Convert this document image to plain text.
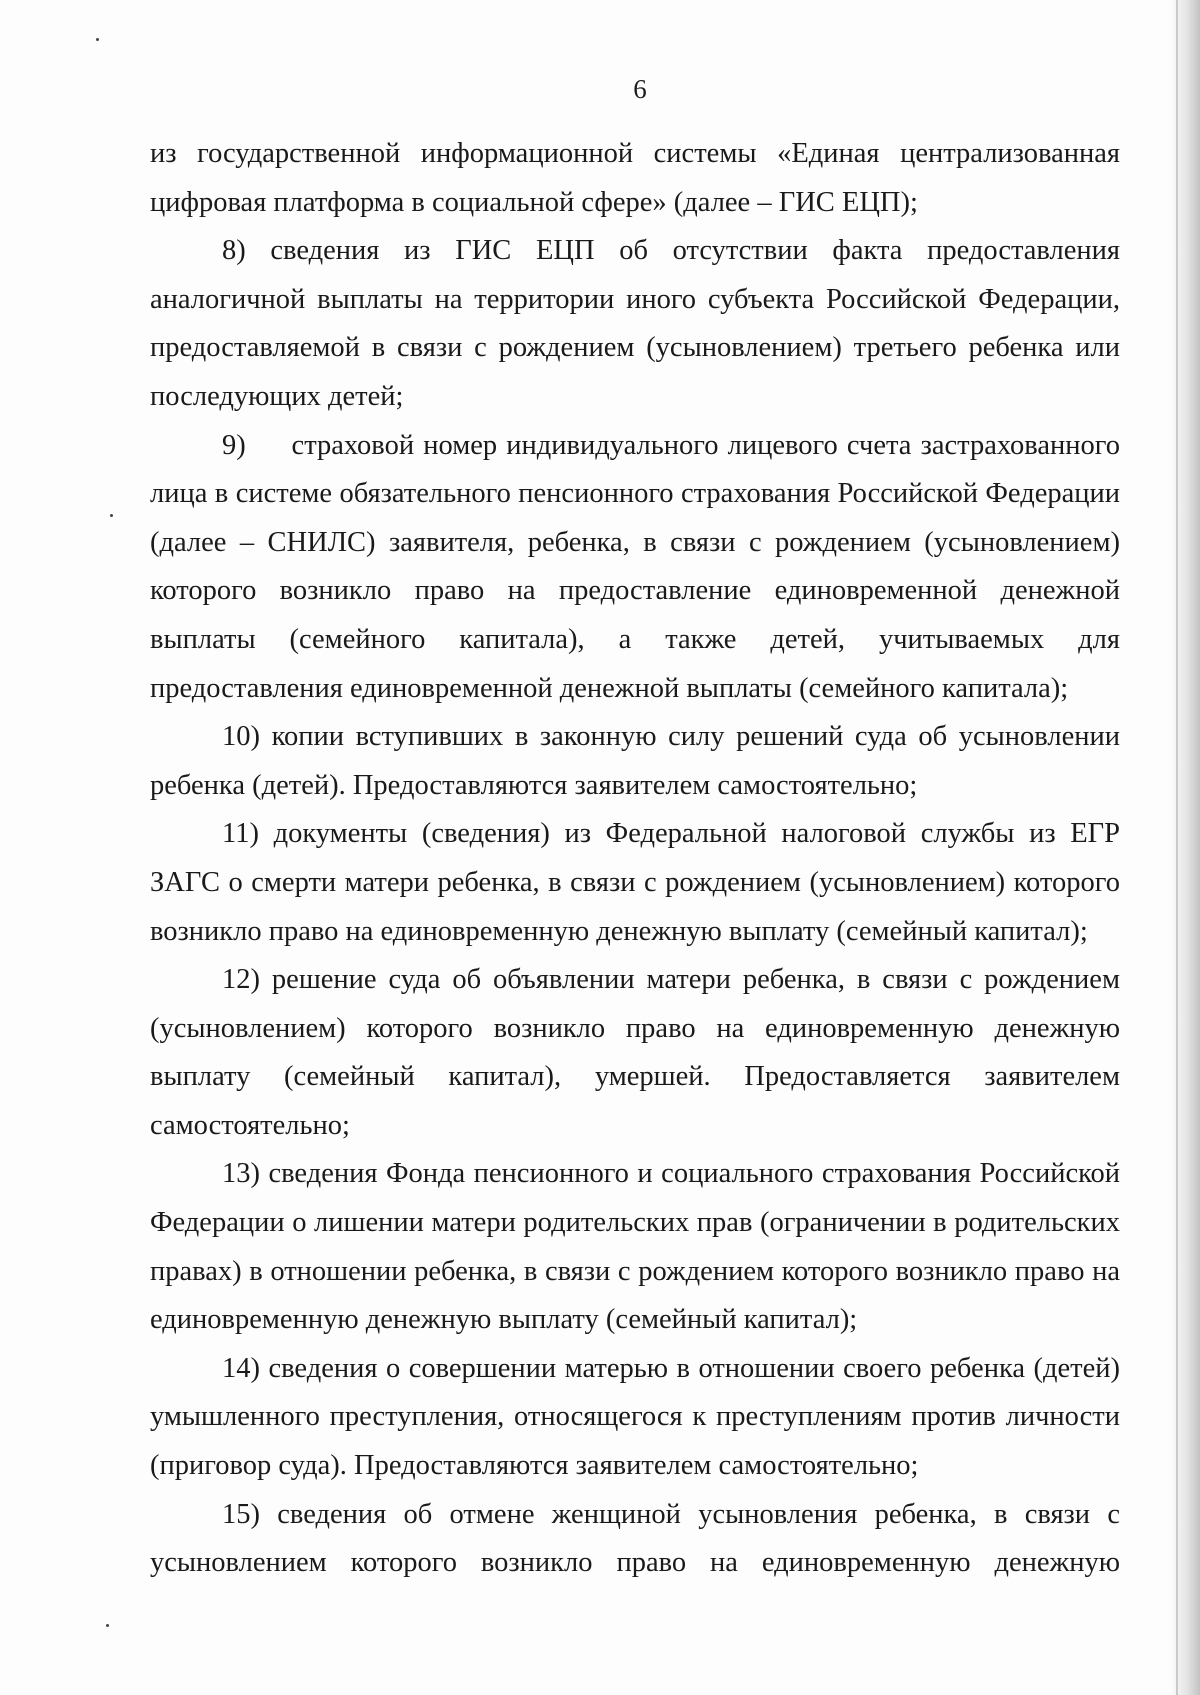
6

из государственной информационной системы «Единая централизованная цифровая платформа в социальной сфере» (далее – ГИС ЕЦП);

8) сведения из ГИС ЕЦП об отсутствии факта предоставления аналогичной выплаты на территории иного субъекта Российской Федерации, предоставляемой в связи с рождением (усыновлением) третьего ребенка или последующих детей;

9)     страховой номер индивидуального лицевого счета застрахованного лица в системе обязательного пенсионного страхования Российской Федерации (далее – СНИЛС) заявителя, ребенка, в связи с рождением (усыновлением) которого возникло право на предоставление единовременной денежной выплаты (семейного капитала), а также детей, учитываемых для предоставления единовременной денежной выплаты (семейного капитала);

10) копии вступивших в законную силу решений суда об усыновлении ребенка (детей). Предоставляются заявителем самостоятельно;

11) документы (сведения) из Федеральной налоговой службы из ЕГР ЗАГС о смерти матери ребенка, в связи с рождением (усыновлением) которого возникло право на единовременную денежную выплату (семейный капитал);

12) решение суда об объявлении матери ребенка, в связи с рождением (усыновлением) которого возникло право на единовременную денежную выплату (семейный капитал), умершей. Предоставляется заявителем самостоятельно;

13) сведения Фонда пенсионного и социального страхования Российской Федерации о лишении матери родительских прав (ограничении в родительских правах) в отношении ребенка, в связи с рождением которого возникло право на единовременную денежную выплату (семейный капитал);

14) сведения о совершении матерью в отношении своего ребенка (детей) умышленного преступления, относящегося к преступлениям против личности (приговор суда). Предоставляются заявителем самостоятельно;

15) сведения об отмене женщиной усыновления ребенка, в связи с усыновлением которого возникло право на единовременную денежную
